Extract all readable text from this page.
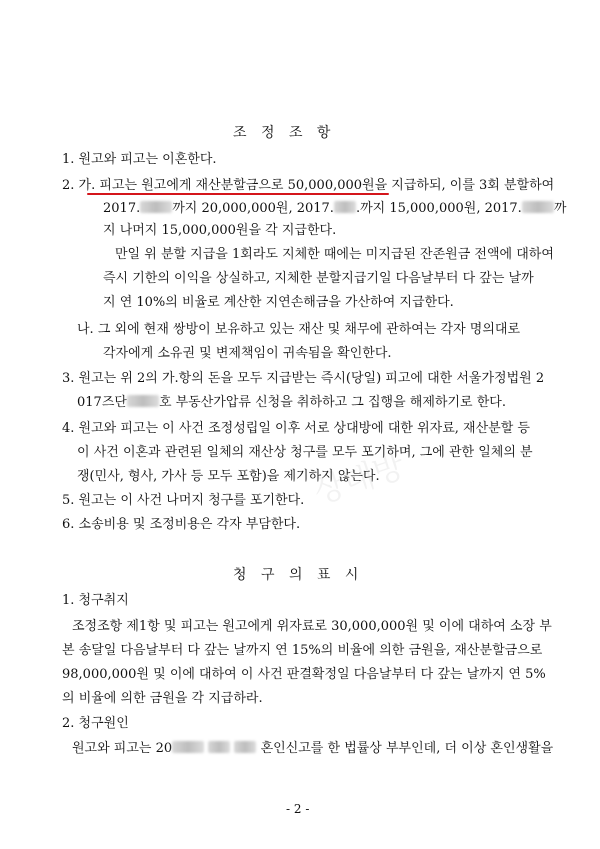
조 정 조 항
1. 원고와 피고는 이혼한다.
2. 가. 피고는 원고에게 재산분할금으로 50,000,000원을 지급하되, 이를 3회 분할하여
2017. 까지 20,000,000원, 2017. .까지 15,000,000원, 2017. 까
지 나머지 15,000,000원을 각 지급한다.
만일 위 분할 지급을 1회라도 지체한 때에는 미지급된 잔존원금 전액에 대하여
즉시 기한의 이익을 상실하고, 지체한 분할지급기일 다음날부터 다 갚는 날까
지 연 10%의 비율로 계산한 지연손해금을 가산하여 지급한다.
나. 그 외에 현재 쌍방이 보유하고 있는 재산 및 채무에 관하여는 각자 명의대로
각자에게 소유권 및 변제책임이 귀속됨을 확인한다.
3. 원고는 위 2의 가.항의 돈을 모두 지급받는 즉시(당일) 피고에 대한 서울가정법원 2
017즈단 호 부동산가압류 신청을 취하하고 그 집행을 해제하기로 한다.
4. 원고와 피고는 이 사건 조정성립일 이후 서로 상대방에 대한 위자료, 재산분할 등
이 사건 이혼과 관련된 일체의 재산상 청구를 모두 포기하며, 그에 관한 일체의 분
쟁(민사, 형사, 가사 등 모두 포함)을 제기하지 않는다.
5. 원고는 이 사건 나머지 청구를 포기한다.
6. 소송비용 및 조정비용은 각자 부담한다.
청 구 의 표 시
1. 청구취지
조정조항 제1항 및 피고는 원고에게 위자료로 30,000,000원 및 이에 대하여 소장 부
본 송달일 다음날부터 다 갚는 날까지 연 15%의 비율에 의한 금원을, 재산분할금으로
98,000,000원 및 이에 대하여 이 사건 판결확정일 다음날부터 다 갚는 날까지 연 5%
의 비율에 의한 금원을 각 지급하라.
2. 청구원인
원고와 피고는 20	혼인신고를 한 법률상 부부인데, 더 이상 혼인생활을
상대방
- 2 -
